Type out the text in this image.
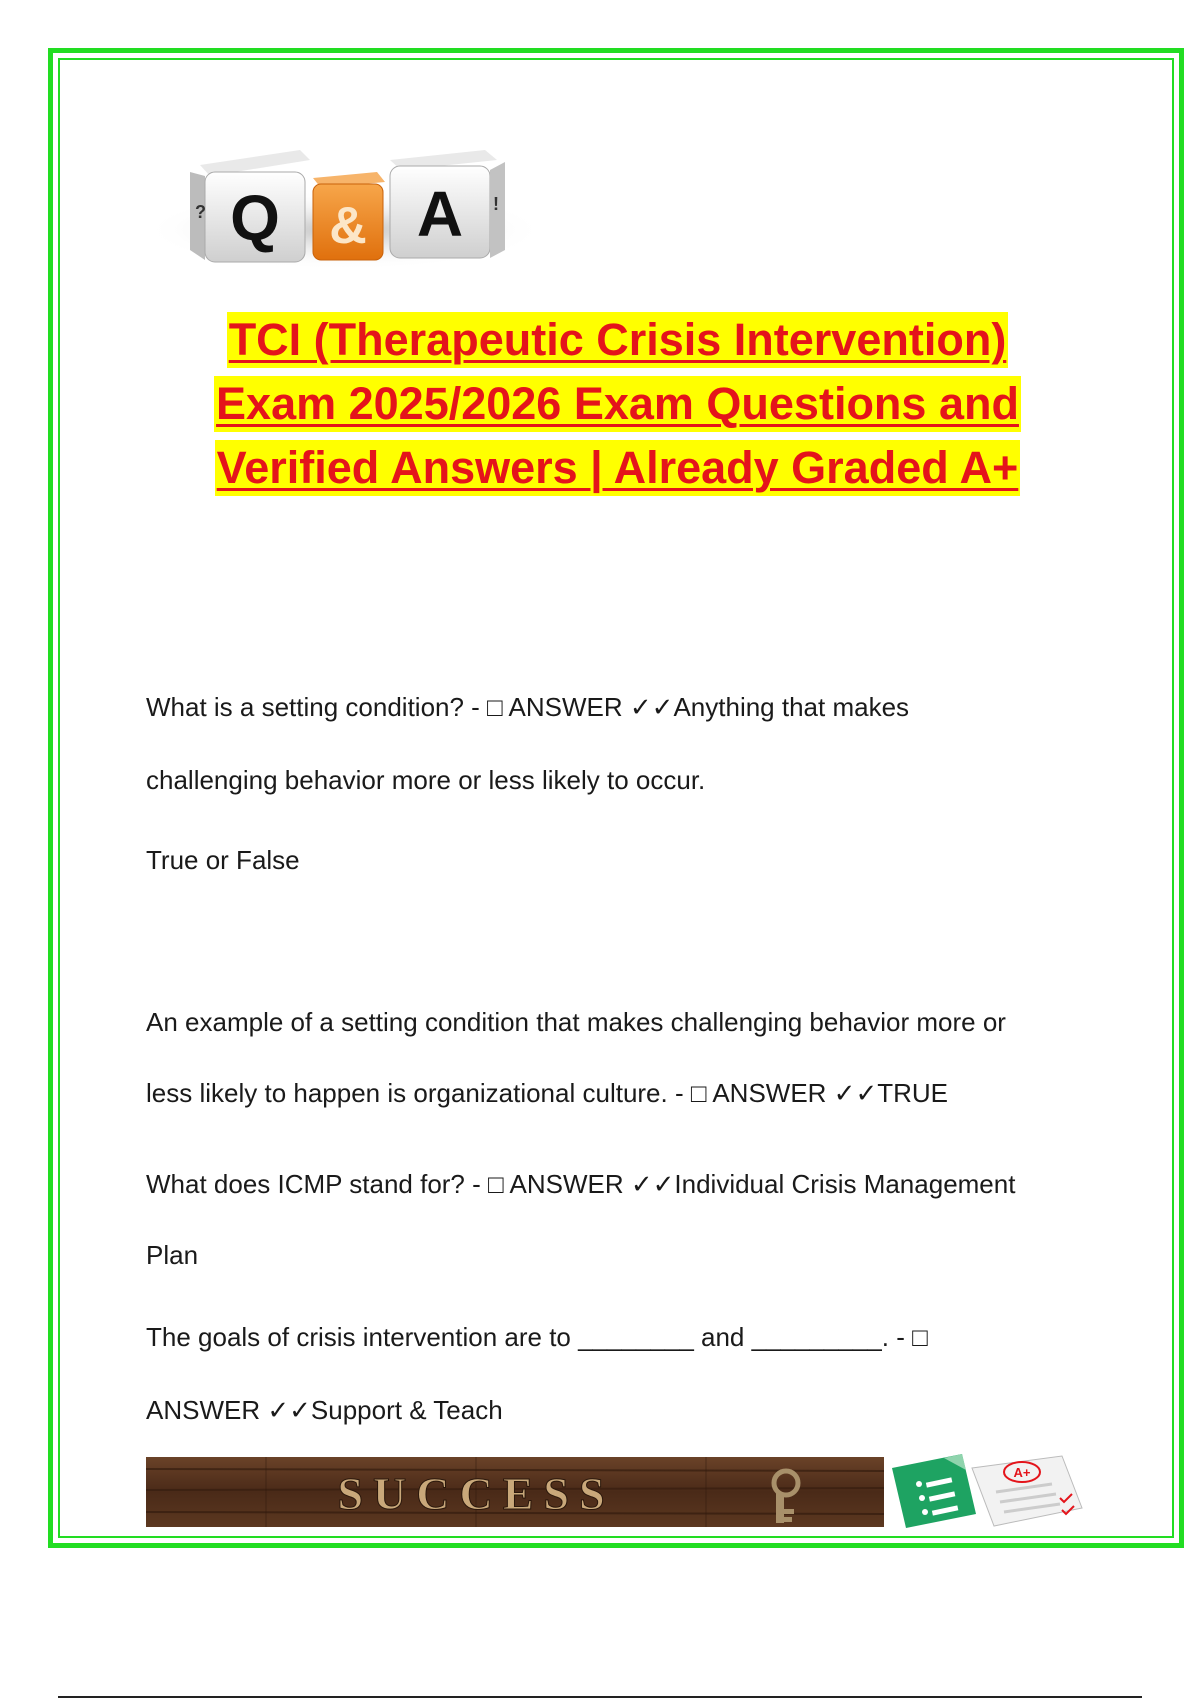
Q
? & A !
TCI (Therapeutic Crisis Intervention)
Exam 2025/2026 Exam Questions and
Verified Answers | Already Graded A+
What is a setting condition? - □ ANSWER ✓✓Anything that makes
challenging behavior more or less likely to occur.
True or False
An example of a setting condition that makes challenging behavior more or
less likely to happen is organizational culture. - □ ANSWER ✓✓TRUE
What does ICMP stand for? - □ ANSWER ✓✓Individual Crisis Management
Plan
The goals of crisis intervention are to ________ and _________. - □
ANSWER ✓✓Support & Teach
SUCCESS	A+
